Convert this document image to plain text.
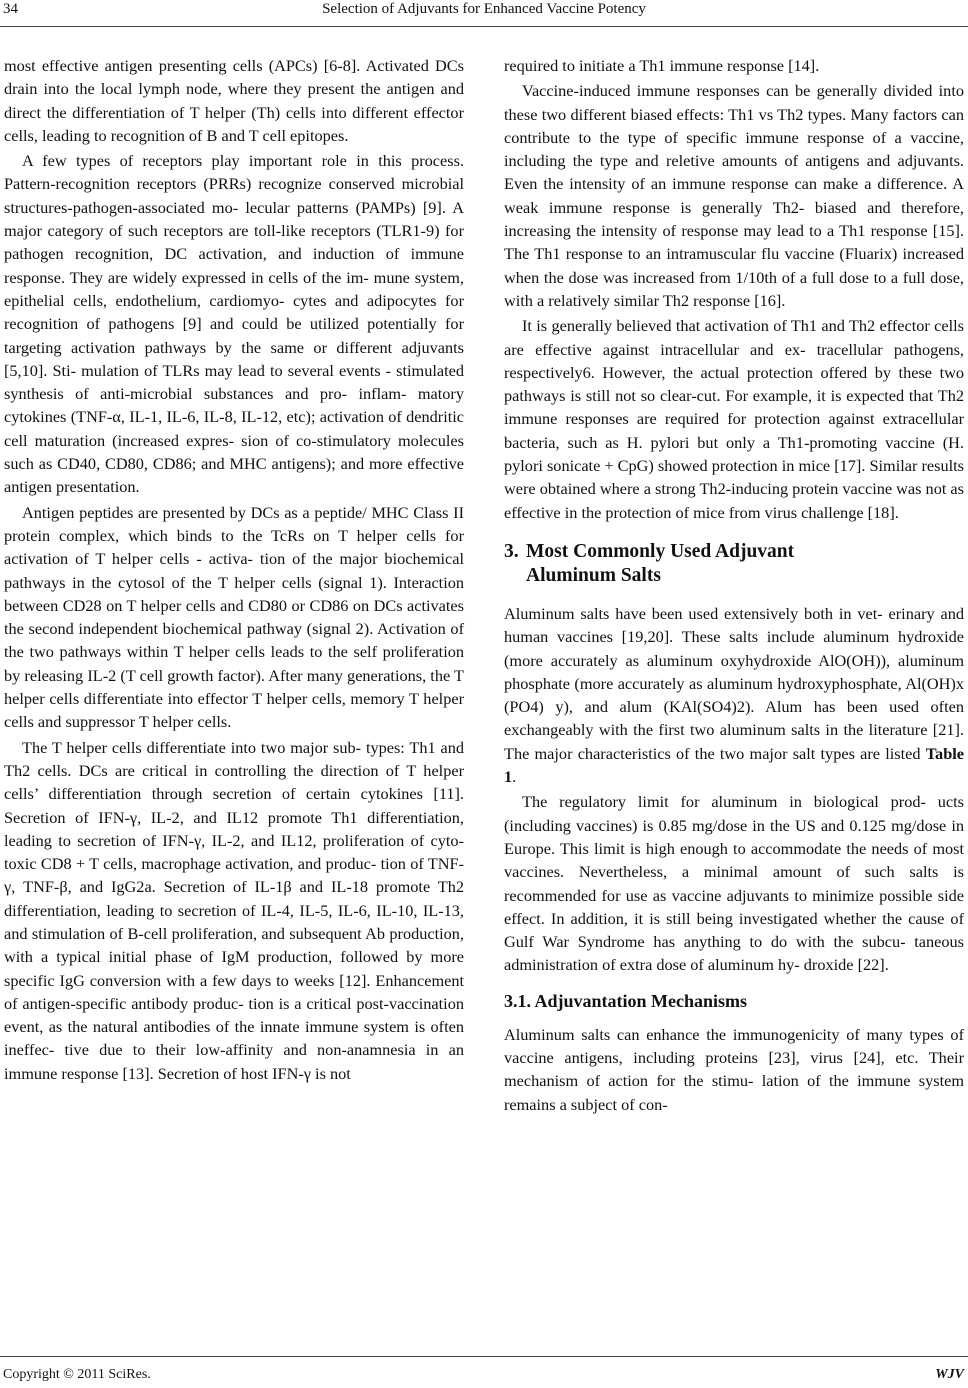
34	Selection of Adjuvants for Enhanced Vaccine Potency

most effective antigen presenting cells (APCs) [6-8]. Activated DCs drain into the local lymph node, where they present the antigen and direct the differentiation of T helper (Th) cells into different effector cells, leading to recognition of B and T cell epitopes.

A few types of receptors play important role in this process. Pattern-recognition receptors (PRRs) recognize conserved microbial structures-pathogen-associated mo- lecular patterns (PAMPs) [9]. A major category of such receptors are toll-like receptors (TLR1-9) for pathogen recognition, DC activation, and induction of immune response. They are widely expressed in cells of the im- mune system, epithelial cells, endothelium, cardiomyo- cytes and adipocytes for recognition of pathogens [9] and could be utilized potentially for targeting activation pathways by the same or different adjuvants [5,10]. Sti- mulation of TLRs may lead to several events - stimulated synthesis of anti-microbial substances and pro- inflam- matory cytokines (TNF-α, IL-1, IL-6, IL-8, IL-12, etc); activation of dendritic cell maturation (increased expres- sion of co-stimulatory molecules such as CD40, CD80, CD86; and MHC antigens); and more effective antigen presentation.

Antigen peptides are presented by DCs as a peptide/ MHC Class II protein complex, which binds to the TcRs on T helper cells for activation of T helper cells - activa- tion of the major biochemical pathways in the cytosol of the T helper cells (signal 1). Interaction between CD28 on T helper cells and CD80 or CD86 on DCs activates the second independent biochemical pathway (signal 2). Activation of the two pathways within T helper cells leads to the self proliferation by releasing IL-2 (T cell growth factor). After many generations, the T helper cells differentiate into effector T helper cells, memory T helper cells and suppressor T helper cells.

The T helper cells differentiate into two major sub- types: Th1 and Th2 cells. DCs are critical in controlling the direction of T helper cells’ differentiation through secretion of certain cytokines [11]. Secretion of IFN-γ, IL-2, and IL12 promote Th1 differentiation, leading to secretion of IFN-γ, IL-2, and IL12, proliferation of cyto- toxic CD8 + T cells, macrophage activation, and produc- tion of TNF-γ, TNF-β, and IgG2a. Secretion of IL-1β and IL-18 promote Th2 differentiation, leading to secretion of IL-4, IL-5, IL-6, IL-10, IL-13, and stimulation of B-cell proliferation, and subsequent Ab production, with a typical initial phase of IgM production, followed by more specific IgG conversion with a few days to weeks [12]. Enhancement of antigen-specific antibody produc- tion is a critical post-vaccination event, as the natural antibodies of the innate immune system is often ineffec- tive due to their low-affinity and non-anamnesia in an immune response [13]. Secretion of host IFN-γ is not

required to initiate a Th1 immune response [14].

Vaccine-induced immune responses can be generally divided into these two different biased effects: Th1 vs Th2 types. Many factors can contribute to the type of specific immune response of a vaccine, including the type and reletive amounts of antigens and adjuvants. Even the intensity of an immune response can make a difference. A weak immune response is generally Th2- biased and therefore, increasing the intensity of response may lead to a Th1 response [15]. The Th1 response to an intramuscular flu vaccine (Fluarix) increased when the dose was increased from 1/10th of a full dose to a full dose, with a relatively similar Th2 response [16].

It is generally believed that activation of Th1 and Th2 effector cells are effective against intracellular and ex- tracellular pathogens, respectively6. However, the actual protection offered by these two pathways is still not so clear-cut. For example, it is expected that Th2 immune responses are required for protection against extracellular bacteria, such as H. pylori but only a Th1-promoting vaccine (H. pylori sonicate + CpG) showed protection in mice [17]. Similar results were obtained where a strong Th2-inducing protein vaccine was not as effective in the protection of mice from virus challenge [18].

3. Most Commonly Used Adjuvant
Aluminum Salts

Aluminum salts have been used extensively both in vet- erinary and human vaccines [19,20]. These salts include aluminum hydroxide (more accurately as aluminum oxyhydroxide AlO(OH)), aluminum phosphate (more accurately as aluminum hydroxyphosphate, Al(OH)x (PO4) y), and alum (KAl(SO4)2). Alum has been used often exchangeably with the first two aluminum salts in the literature [21]. The major characteristics of the two major salt types are listed Table 1.

The regulatory limit for aluminum in biological prod- ucts (including vaccines) is 0.85 mg/dose in the US and 0.125 mg/dose in Europe. This limit is high enough to accommodate the needs of most vaccines. Nevertheless, a minimal amount of such salts is recommended for use as vaccine adjuvants to minimize possible side effect. In addition, it is still being investigated whether the cause of Gulf War Syndrome has anything to do with the subcu- taneous administration of extra dose of aluminum hy- droxide [22].

3.1. Adjuvantation Mechanisms

Aluminum salts can enhance the immunogenicity of many types of vaccine antigens, including proteins [23], virus [24], etc. Their mechanism of action for the stimu- lation of the immune system remains a subject of con-

Copyright © 2011 SciRes.	WJV
